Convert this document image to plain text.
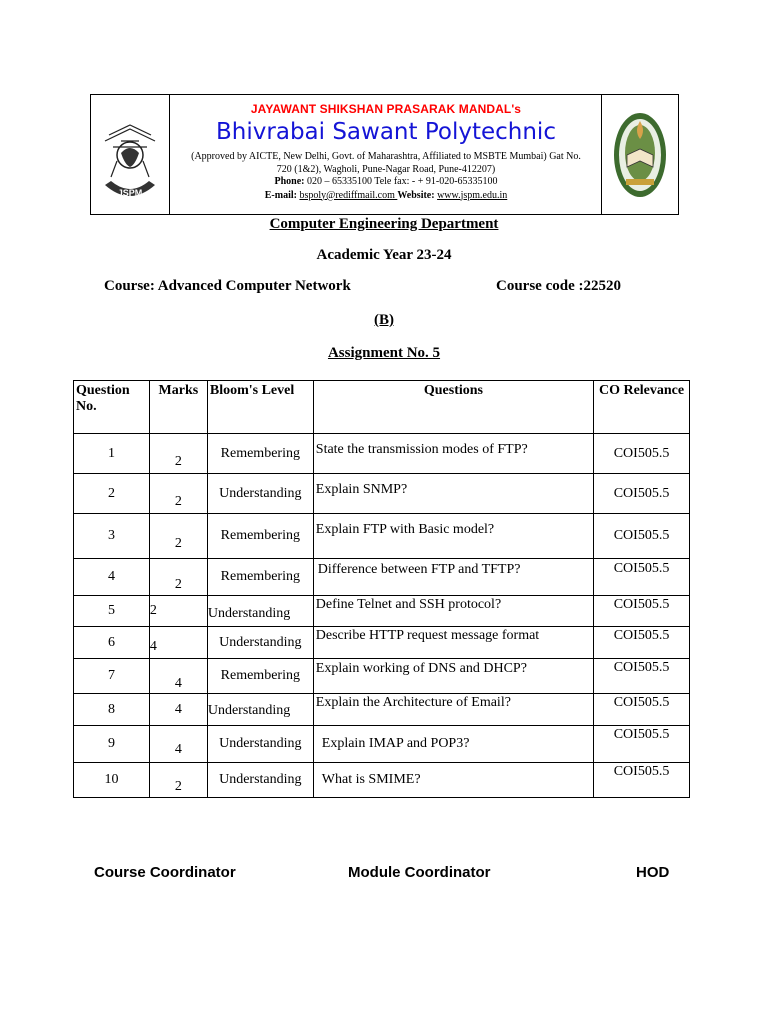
JSPM
JAYAWANT SHIKSHAN PRASARAK MANDAL's
Bhivrabai Sawant Polytechnic
(Approved by AICTE, New Delhi, Govt. of Maharashtra, Affiliated to MSBTE Mumbai) Gat No. 720 (1&2), Wagholi, Pune-Nagar Road, Pune-412207)
Phone: 020 – 65335100 Tele fax: - + 91-020-65335100
E-mail: bspoly@rediffmail.com Website: www.jspm.edu.in
Computer Engineering Department
Academic Year 23-24
Course: Advanced Computer Network	Course code :22520
(B)
Assignment No. 5
Question No.	Marks	Bloom's Level	Questions	CO Relevance
1	2	Remembering	State the transmission modes of FTP?	COI505.5
2	2	Understanding	Explain SNMP?	COI505.5
3	2	Remembering	Explain FTP with Basic model?	COI505.5
4	2	Remembering	Difference between FTP and TFTP?	COI505.5
5	2	Understanding	Define Telnet and SSH protocol?	COI505.5
6	4	Understanding	Describe HTTP request message format	COI505.5
7	4	Remembering	Explain working of DNS and DHCP?	COI505.5
8	4	Understanding	Explain the Architecture of Email?	COI505.5
9	4	Understanding	Explain IMAP and POP3?	COI505.5
10	2	Understanding	What is SMIME?	COI505.5
Course Coordinator	Module Coordinator	HOD
